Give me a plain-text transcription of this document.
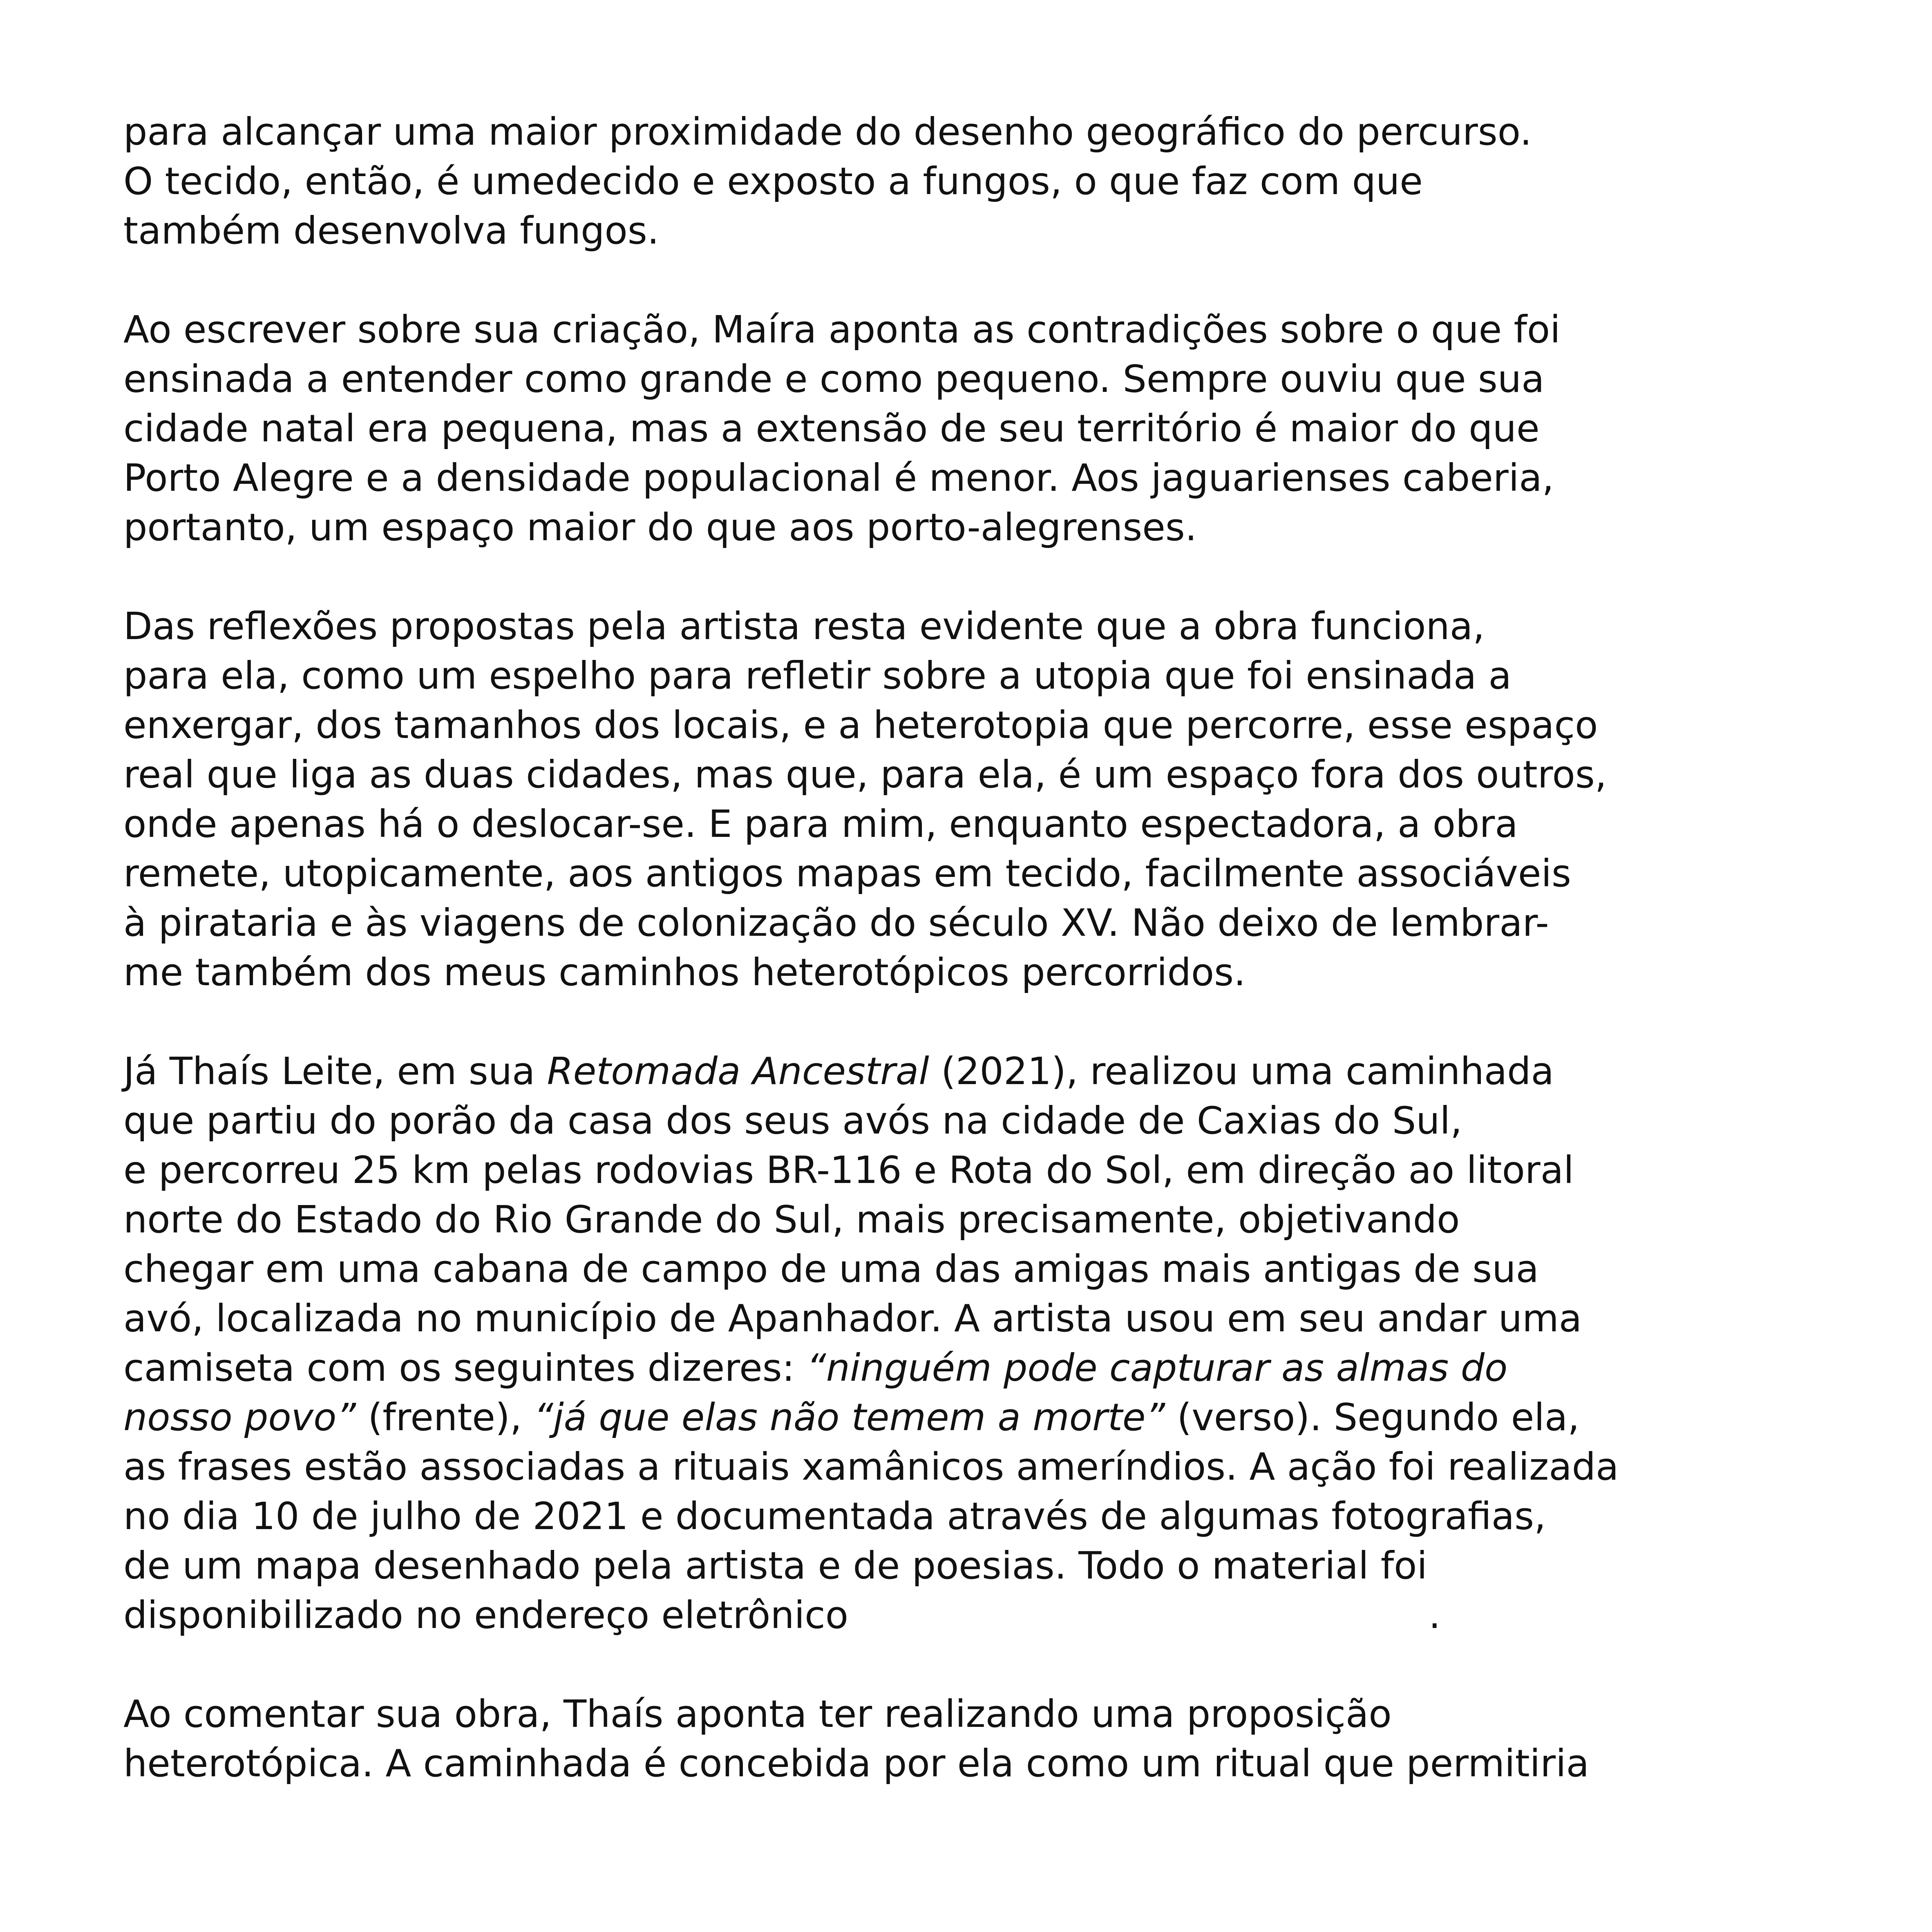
para alcançar uma maior proximidade do desenho geográfico do percurso.
O tecido, então, é umedecido e exposto a fungos, o que faz com que
também desenvolva fungos.
Ao escrever sobre sua criação, Maíra aponta as contradições sobre o que foi
ensinada a entender como grande e como pequeno. Sempre ouviu que sua
cidade natal era pequena, mas a extensão de seu território é maior do que
Porto Alegre e a densidade populacional é menor. Aos jaguarienses caberia,
portanto, um espaço maior do que aos porto-alegrenses.
Das reflexões propostas pela artista resta evidente que a obra funciona,
para ela, como um espelho para refletir sobre a utopia que foi ensinada a
enxergar, dos tamanhos dos locais, e a heterotopia que percorre, esse espaço
real que liga as duas cidades, mas que, para ela, é um espaço fora dos outros,
onde apenas há o deslocar-se. E para mim, enquanto espectadora, a obra
remete, utopicamente, aos antigos mapas em tecido, facilmente associáveis
à pirataria e às viagens de colonização do século XV. Não deixo de lembrar-
me também dos meus caminhos heterotópicos percorridos.
Já Thaís Leite, em sua Retomada Ancestral (2021), realizou uma caminhada
que partiu do porão da casa dos seus avós na cidade de Caxias do Sul,
e percorreu 25 km pelas rodovias BR-116 e Rota do Sol, em direção ao litoral
norte do Estado do Rio Grande do Sul, mais precisamente, objetivando
chegar em uma cabana de campo de uma das amigas mais antigas de sua
avó, localizada no município de Apanhador. A artista usou em seu andar uma
camiseta com os seguintes dizeres: “ninguém pode capturar as almas do
nosso povo” (frente), “já que elas não temem a morte” (verso). Segundo ela,
as frases estão associadas a rituais xamânicos ameríndios. A ação foi realizada
no dia 10 de julho de 2021 e documentada através de algumas fotografias,
de um mapa desenhado pela artista e de poesias. Todo o material foi
disponibilizado no endereço eletrônico	.
Ao comentar sua obra, Thaís aponta ter realizando uma proposição
heterotópica. A caminhada é concebida por ela como um ritual que permitiria
